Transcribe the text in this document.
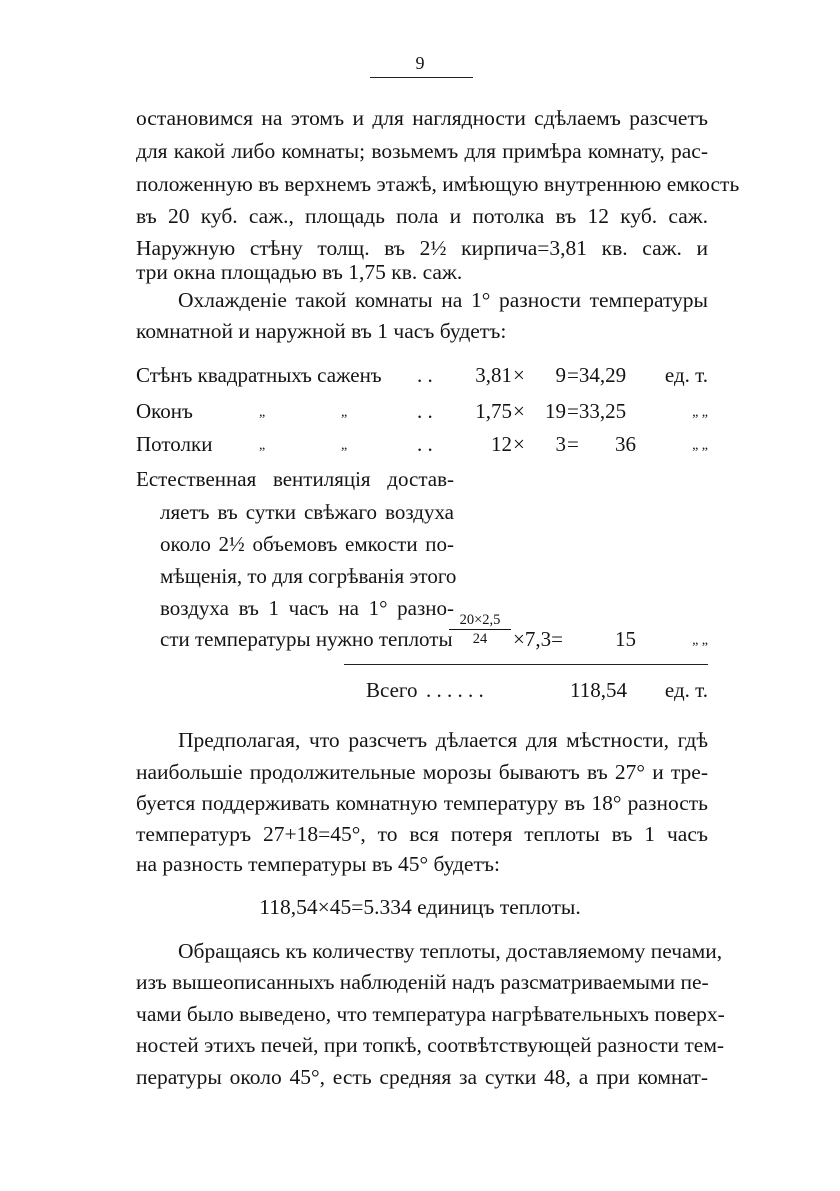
9
остановимся на этомъ и для наглядности сдѣлаемъ разсчетъ
для какой либо комнаты; возьмемъ для примѣра комнату, рас-
положенную въ верхнемъ этажѣ, имѣющую внутреннюю емкость
въ 20 куб. саж., площадь пола и потолка въ 12 куб. саж.
Наружную стѣну толщ. въ 2½ кирпича=3,81 кв. саж. и
три окна площадью въ 1,75 кв. саж.
Охлажденіе такой комнаты на 1° разности температуры
комнатной и наружной въ 1 часъ будетъ:
Стѣнъ квадратныхъ саженъ . .	3,81 ×	9 =34,29	ед. т.
Оконъ	„	„	. .	1,75 × 19 =33,25	„ „
Потолки	„	„	. .	12 ×	3 = 36	„ „
Естественная вентиляція достав-
ляетъ въ сутки свѣжаго воздуха
около 2½ объемовъ емкости по-
мѣщенія, то для согрѣванія этого
воздуха въ 1 часъ на 1° разно-
сти температуры нужно теплоты
$\frac{20\times 2,5}{24} \times 7,3= 15$	„ „
Всего . . . . . .	118,54	ед. т.
Предполагая, что разсчетъ дѣлается для мѣстности, гдѣ
наибольшіе продолжительные морозы бываютъ въ 27° и тре-
буется поддерживать комнатную температуру въ 18° разность
температуръ 27+18=45°, то вся потеря теплоты въ 1 часъ
на разность температуры въ 45° будетъ:
118,54×45=5.334 единицъ теплоты.
Обращаясь къ количеству теплоты, доставляемому печами,
изъ вышеописанныхъ наблюденій надъ разсматриваемыми пе-
чами было выведено, что температура нагрѣвательныхъ поверх-
ностей этихъ печей, при топкѣ, соотвѣтствующей разности тем-
пературы около 45°, есть средняя за сутки 48, а при комнат-
